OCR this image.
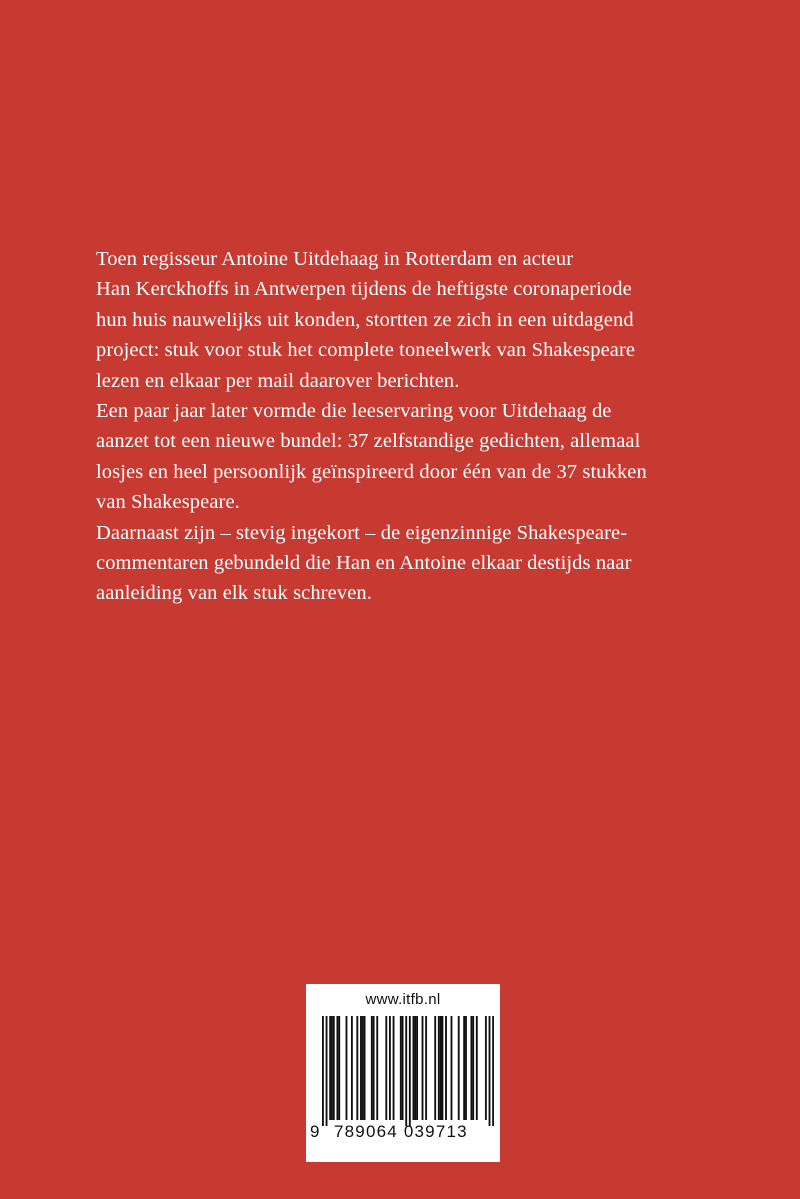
Toen regisseur Antoine Uitdehaag in Rotterdam en acteur
Han Kerckhoffs in Antwerpen tijdens de heftigste coronaperiode
hun huis nauwelijks uit konden, stortten ze zich in een uitdagend
project: stuk voor stuk het complete toneelwerk van Shakespeare
lezen en elkaar per mail daarover berichten.

Een paar jaar later vormde die leeservaring voor Uitdehaag de
aanzet tot een nieuwe bundel: 37 zelfstandige gedichten, allemaal
losjes en heel persoonlijk geïnspireerd door één van de 37 stukken
van Shakespeare.

Daarnaast zijn – stevig ingekort – de eigenzinnige Shakespeare-
commentaren gebundeld die Han en Antoine elkaar destijds naar
aanleiding van elk stuk schreven.

www.itfb.nl
9 789064 039713
